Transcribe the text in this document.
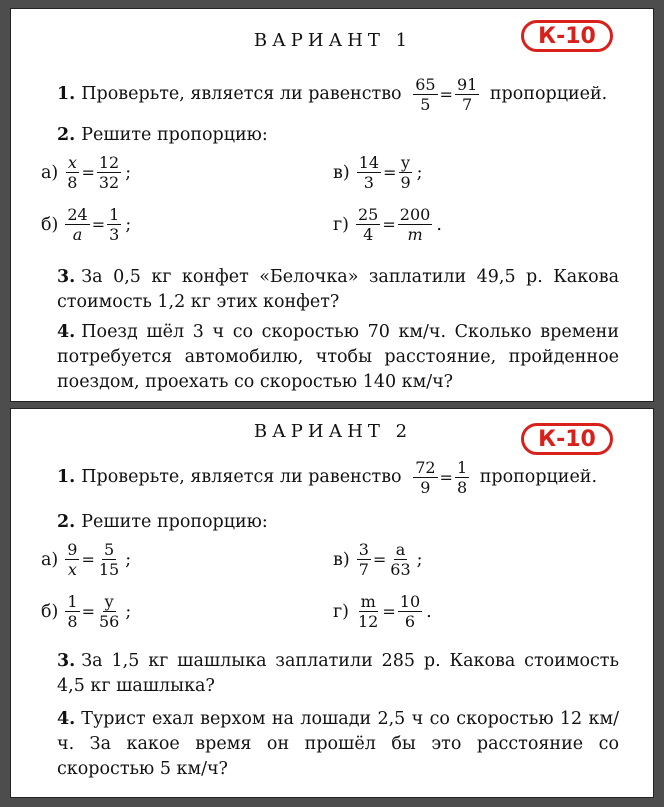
ВАРИАНТ 1	К-10
1. Проверьте, является ли равенство $\frac{65}{5} = \frac{91}{7}$ пропорцией.
2. Решите пропорцию:
$а) \frac{x}{8} = \frac{12}{32}$ ;	$в) \frac{14}{3} = \frac{y}{9}$ ;
$б) \frac{24}{a} = \frac{1}{3}$ ;	$г) \frac{25}{4} = \frac{200}{m}$ .
3. За 0,5 кг конфет «Белочка» заплатили 49,5 р. Какова стоимость 1,2 кг этих конфет?
4. Поезд шёл 3 ч со скоростью 70 км/ч. Сколько времени потребуется автомобилю, чтобы расстояние, пройденное поездом, проехать со скоростью 140 км/ч?
ВАРИАНТ 2	К-10
1. Проверьте, является ли равенство $\frac{72}{9} = \frac{1}{8}$ пропорцией.
2. Решите пропорцию:
$а) \frac{9}{x} = \frac{5}{15}$ ;	$в) \frac{3}{7} = \frac{a}{63}$ ;
$б) \frac{1}{8} = \frac{y}{56}$ ;	$г) \frac{m}{12} = \frac{10}{6}$ .
3. За 1,5 кг шашлыка заплатили 285 р. Какова стоимость 4,5 кг шашлыка?
4. Турист ехал верхом на лошади 2,5 ч со скоростью 12 км/ч. За какое время он прошёл бы это расстояние со скоростью 5 км/ч?
